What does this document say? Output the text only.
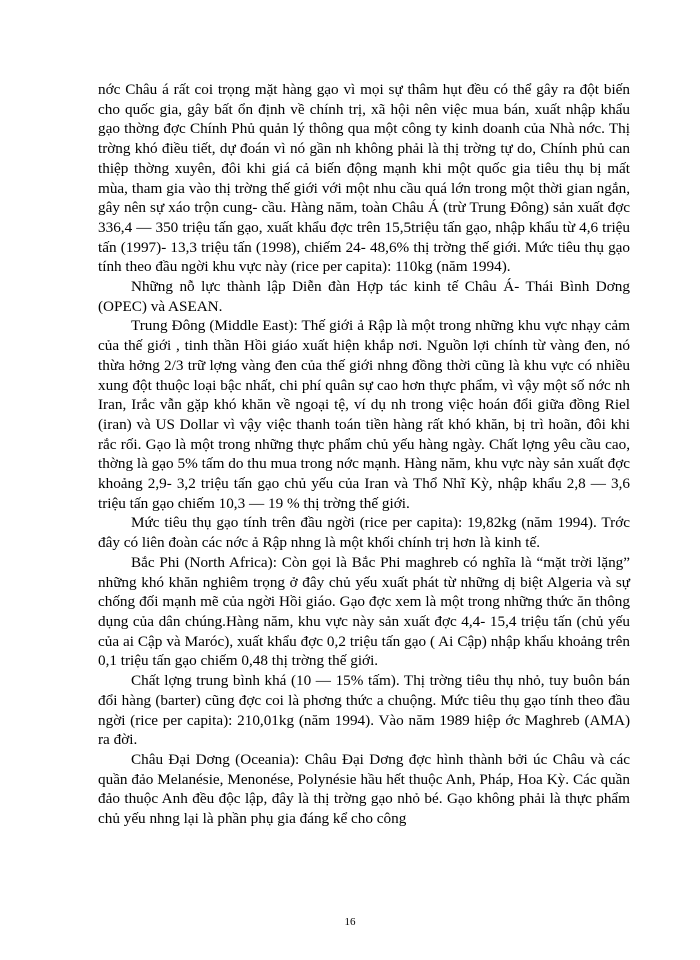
nớc Châu á rất coi trọng mặt hàng gạo vì mọi sự thâm hụt đều có thể gây ra đột biến cho quốc gia, gây bất ổn định về chính trị, xã hội nên việc mua bán, xuất nhập khẩu gạo thờng đợc Chính Phủ quản lý thông qua một công ty kinh doanh của Nhà nớc. Thị trờng khó điều tiết, dự đoán vì nó gần nh không phải là thị trờng tự do, Chính phủ can thiệp thờng xuyên, đôi khi giá cả biến động mạnh khi một quốc gia tiêu thụ bị mất mùa, tham gia vào thị trờng thế giới với một nhu cầu quá lớn trong một thời gian ngắn, gây nên sự xáo trộn cung- cầu. Hàng năm, toàn Châu Á (trừ Trung Đông) sản xuất đợc 336,4 — 350 triệu tấn gạo, xuất khẩu đợc trên 15,5triệu tấn gạo, nhập khẩu từ 4,6 triệu tấn (1997)- 13,3 triệu tấn (1998), chiếm 24- 48,6% thị trờng thế giới. Mức tiêu thụ gạo tính theo đầu ngời khu vực này (rice per capita): 110kg (năm 1994).

Những nỗ lực thành lập Diễn đàn Hợp tác kinh tế Châu Á- Thái Bình Dơng (OPEC) và ASEAN.

Trung Đông (Middle East): Thế giới ả Rập là một trong những khu vực nhạy cảm của thế giới , tinh thần Hồi giáo xuất hiện khắp nơi. Nguồn lợi chính từ vàng đen, nó thừa hởng 2/3 trữ lợng vàng đen của thế giới nhng đồng thời cũng là khu vực có nhiều xung đột thuộc loại bậc nhất, chi phí quân sự cao hơn thực phẩm, vì vậy một số nớc nh Iran, Irắc vẫn gặp khó khăn về ngoại tệ, ví dụ nh trong việc hoán đổi giữa đồng Riel (iran) và US Dollar vì vậy việc thanh toán tiền hàng rất khó khăn, bị trì hoãn, đôi khi rắc rối. Gạo là một trong những thực phẩm chủ yếu hàng ngày. Chất lợng yêu cầu cao, thờng là gạo 5% tấm do thu mua trong nớc mạnh. Hàng năm, khu vực này sản xuất đợc khoảng 2,9- 3,2 triệu tấn gạo chủ yếu của Iran và Thổ Nhĩ Kỳ, nhập khẩu 2,8 — 3,6 triệu tấn gạo chiếm 10,3 — 19 % thị trờng thế giới.

Mức tiêu thụ gạo tính trên đầu ngời (rice per capita): 19,82kg (năm 1994). Trớc đây có liên đoàn các nớc ả Rập nhng là một khối chính trị hơn là kinh tế.

Bắc Phi (North Africa): Còn gọi là Bắc Phi maghreb có nghĩa là “mặt trời lặng” những khó khăn nghiêm trọng ở đây chủ yếu xuất phát từ những dị biệt Algeria và sự chống đối mạnh mẽ của ngời Hồi giáo. Gạo đợc xem là một trong những thức ăn thông dụng của dân chúng.Hàng năm, khu vực này sản xuất đợc 4,4- 15,4 triệu tấn (chủ yếu của ai Cập và Maróc), xuất khẩu đợc 0,2 triệu tấn gạo ( Ai Cập) nhập khẩu khoảng trên 0,1 triệu tấn gạo chiếm 0,48 thị trờng thế giới.

Chất lợng trung bình khá (10 — 15% tấm). Thị trờng tiêu thụ nhỏ, tuy buôn bán đổi hàng (barter) cũng đợc coi là phơng thức a chuộng. Mức tiêu thụ gạo tính theo đầu ngời (rice per capita): 210,01kg (năm 1994). Vào năm 1989 hiệp ớc Maghreb (AMA) ra đời.

Châu Đại Dơng (Oceania): Châu Đại Dơng đợc hình thành bởi úc Châu và các quần đảo Melanésie, Menonése, Polynésie hầu hết thuộc Anh, Pháp, Hoa Kỳ. Các quần đảo thuộc Anh đều độc lập, đây là thị trờng gạo nhỏ bé. Gạo không phải là thực phẩm chủ yếu nhng lại là phần phụ gia đáng kể cho công

16
